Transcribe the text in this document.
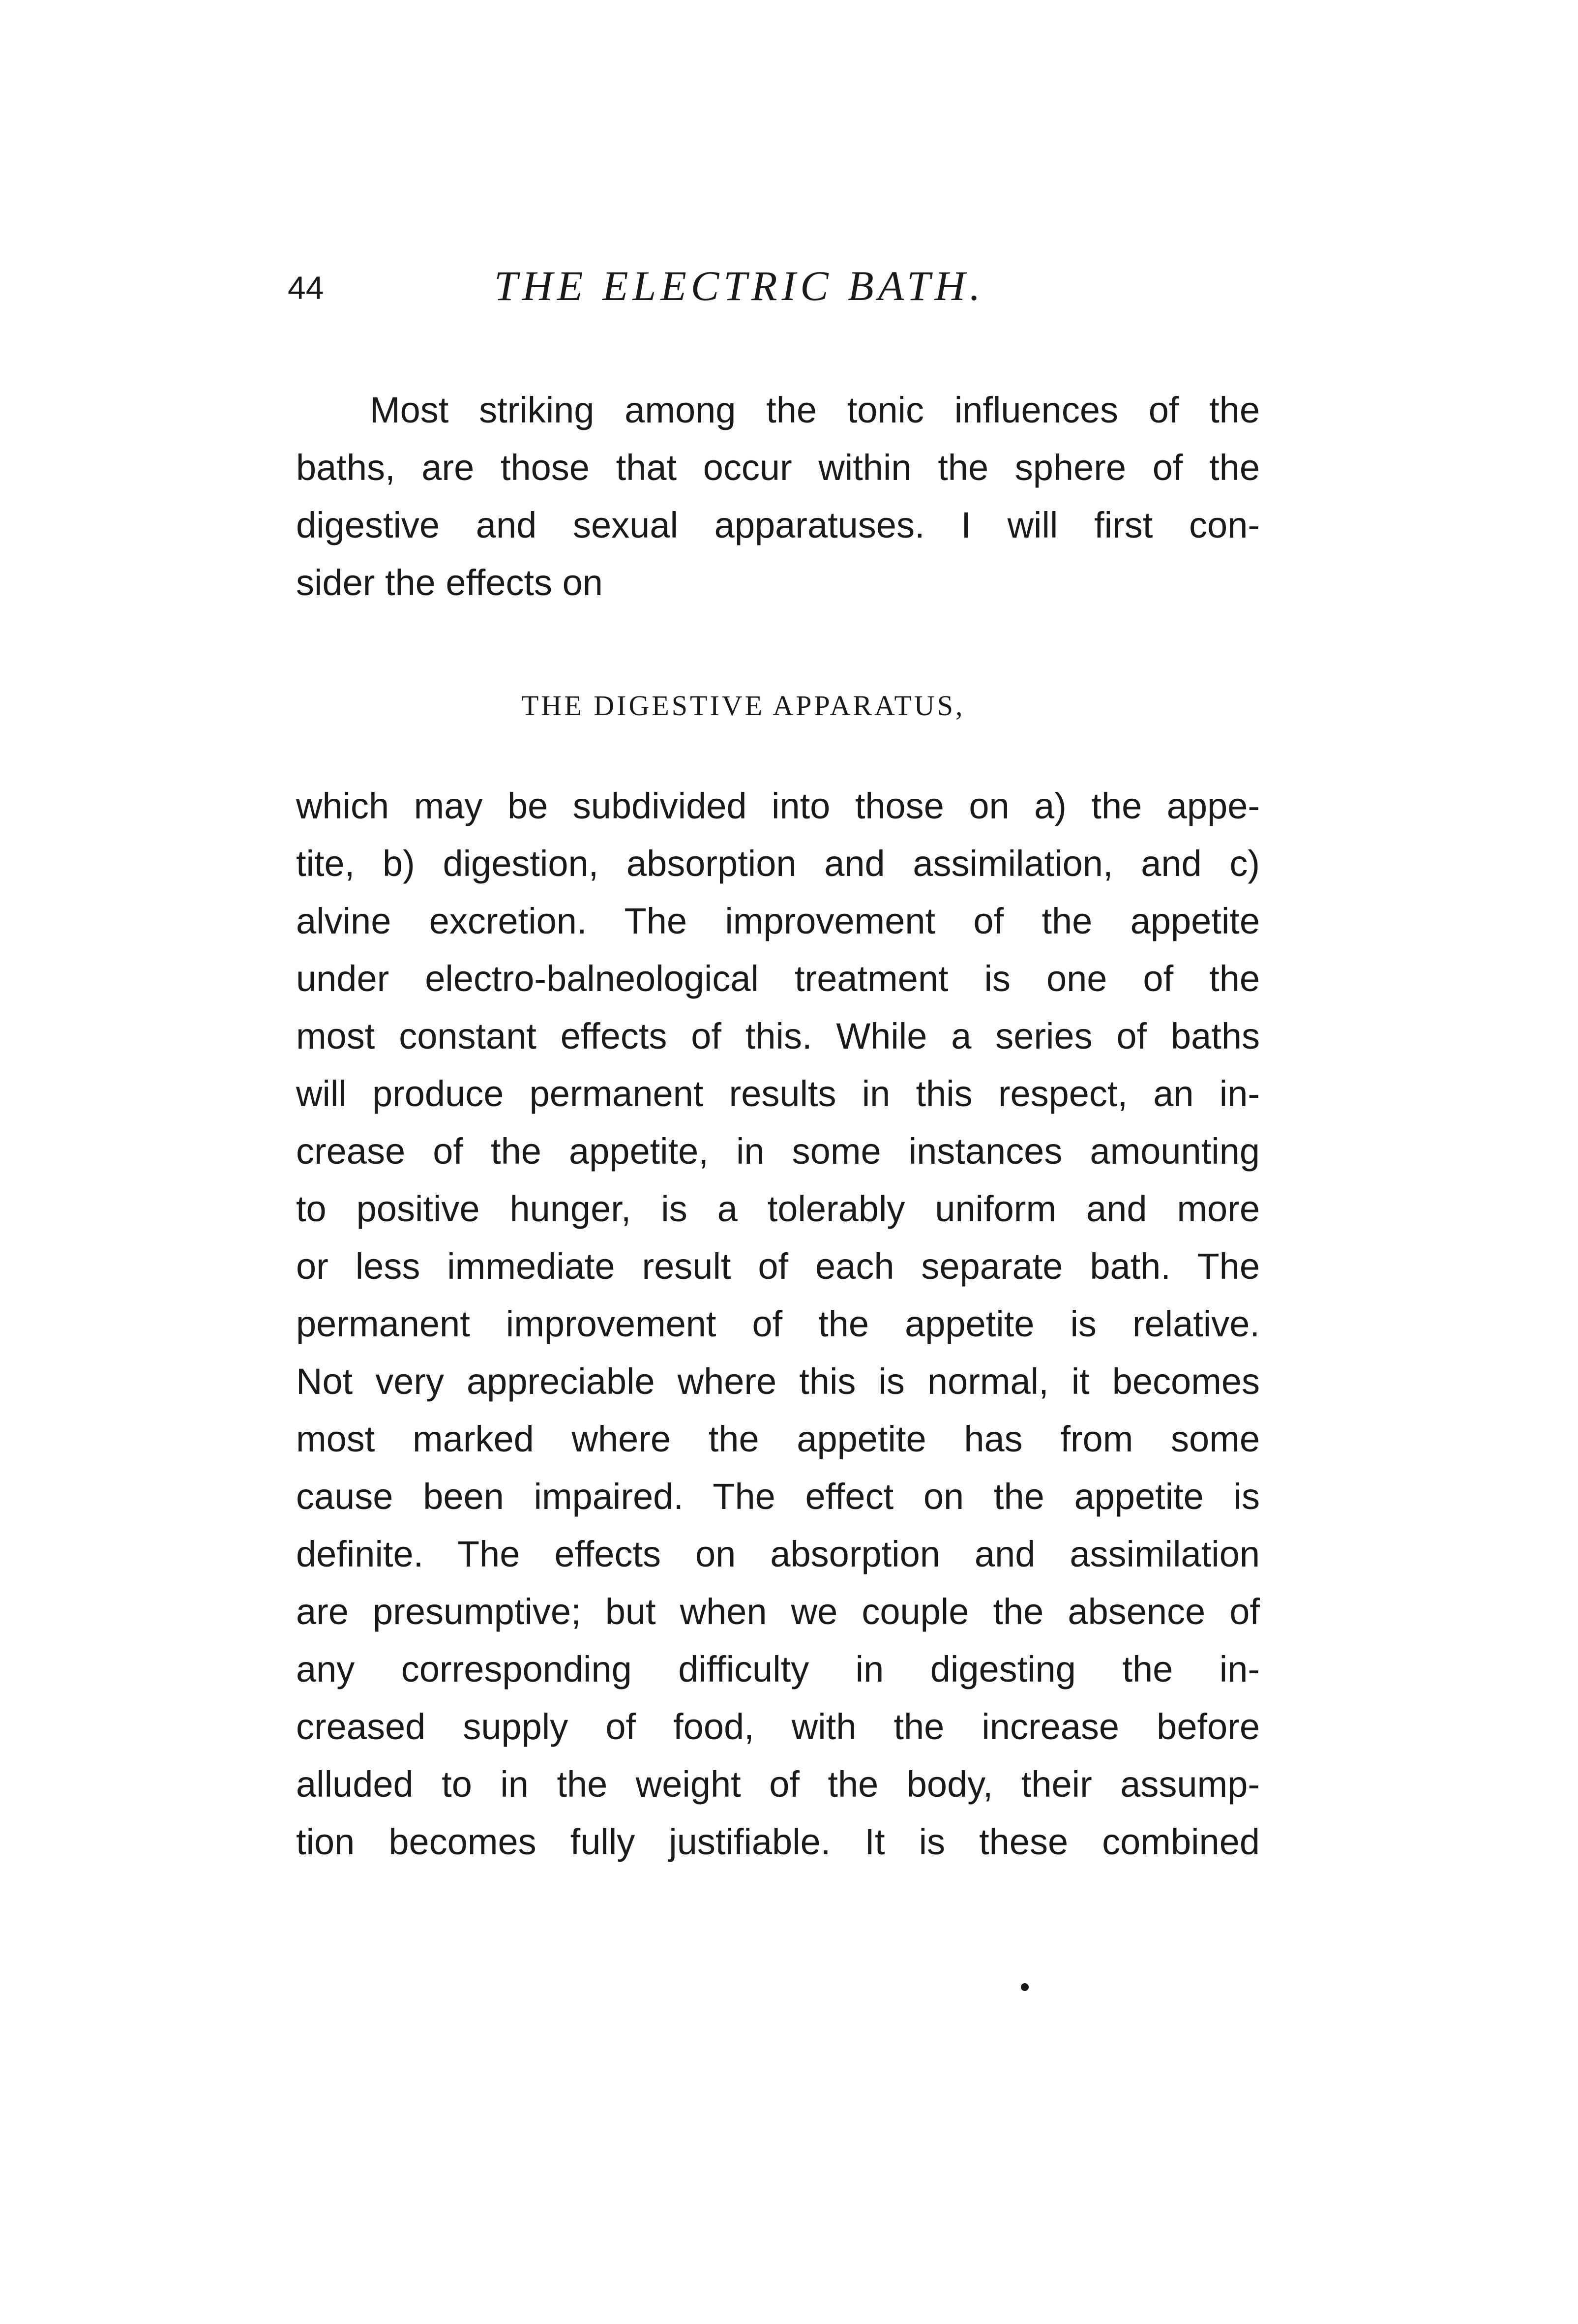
44	THE ELECTRIC BATH.
Most striking among the tonic influences of the
baths, are those that occur within the sphere of the
digestive and sexual apparatuses. I will first con-
sider the effects on
THE DIGESTIVE APPARATUS,
which may be subdivided into those on a) the appe-
tite, b) digestion, absorption and assimilation, and c)
alvine excretion. The improvement of the appetite
under electro-balneological treatment is one of the
most constant effects of this. While a series of baths
will produce permanent results in this respect, an in-
crease of the appetite, in some instances amounting
to positive hunger, is a tolerably uniform and more
or less immediate result of each separate bath. The
permanent improvement of the appetite is relative.
Not very appreciable where this is normal, it becomes
most marked where the appetite has from some
cause been impaired. The effect on the appetite is
definite. The effects on absorption and assimilation
are presumptive; but when we couple the absence of
any corresponding difficulty in digesting the in-
creased supply of food, with the increase before
alluded to in the weight of the body, their assump-
tion becomes fully justifiable. It is these combined
